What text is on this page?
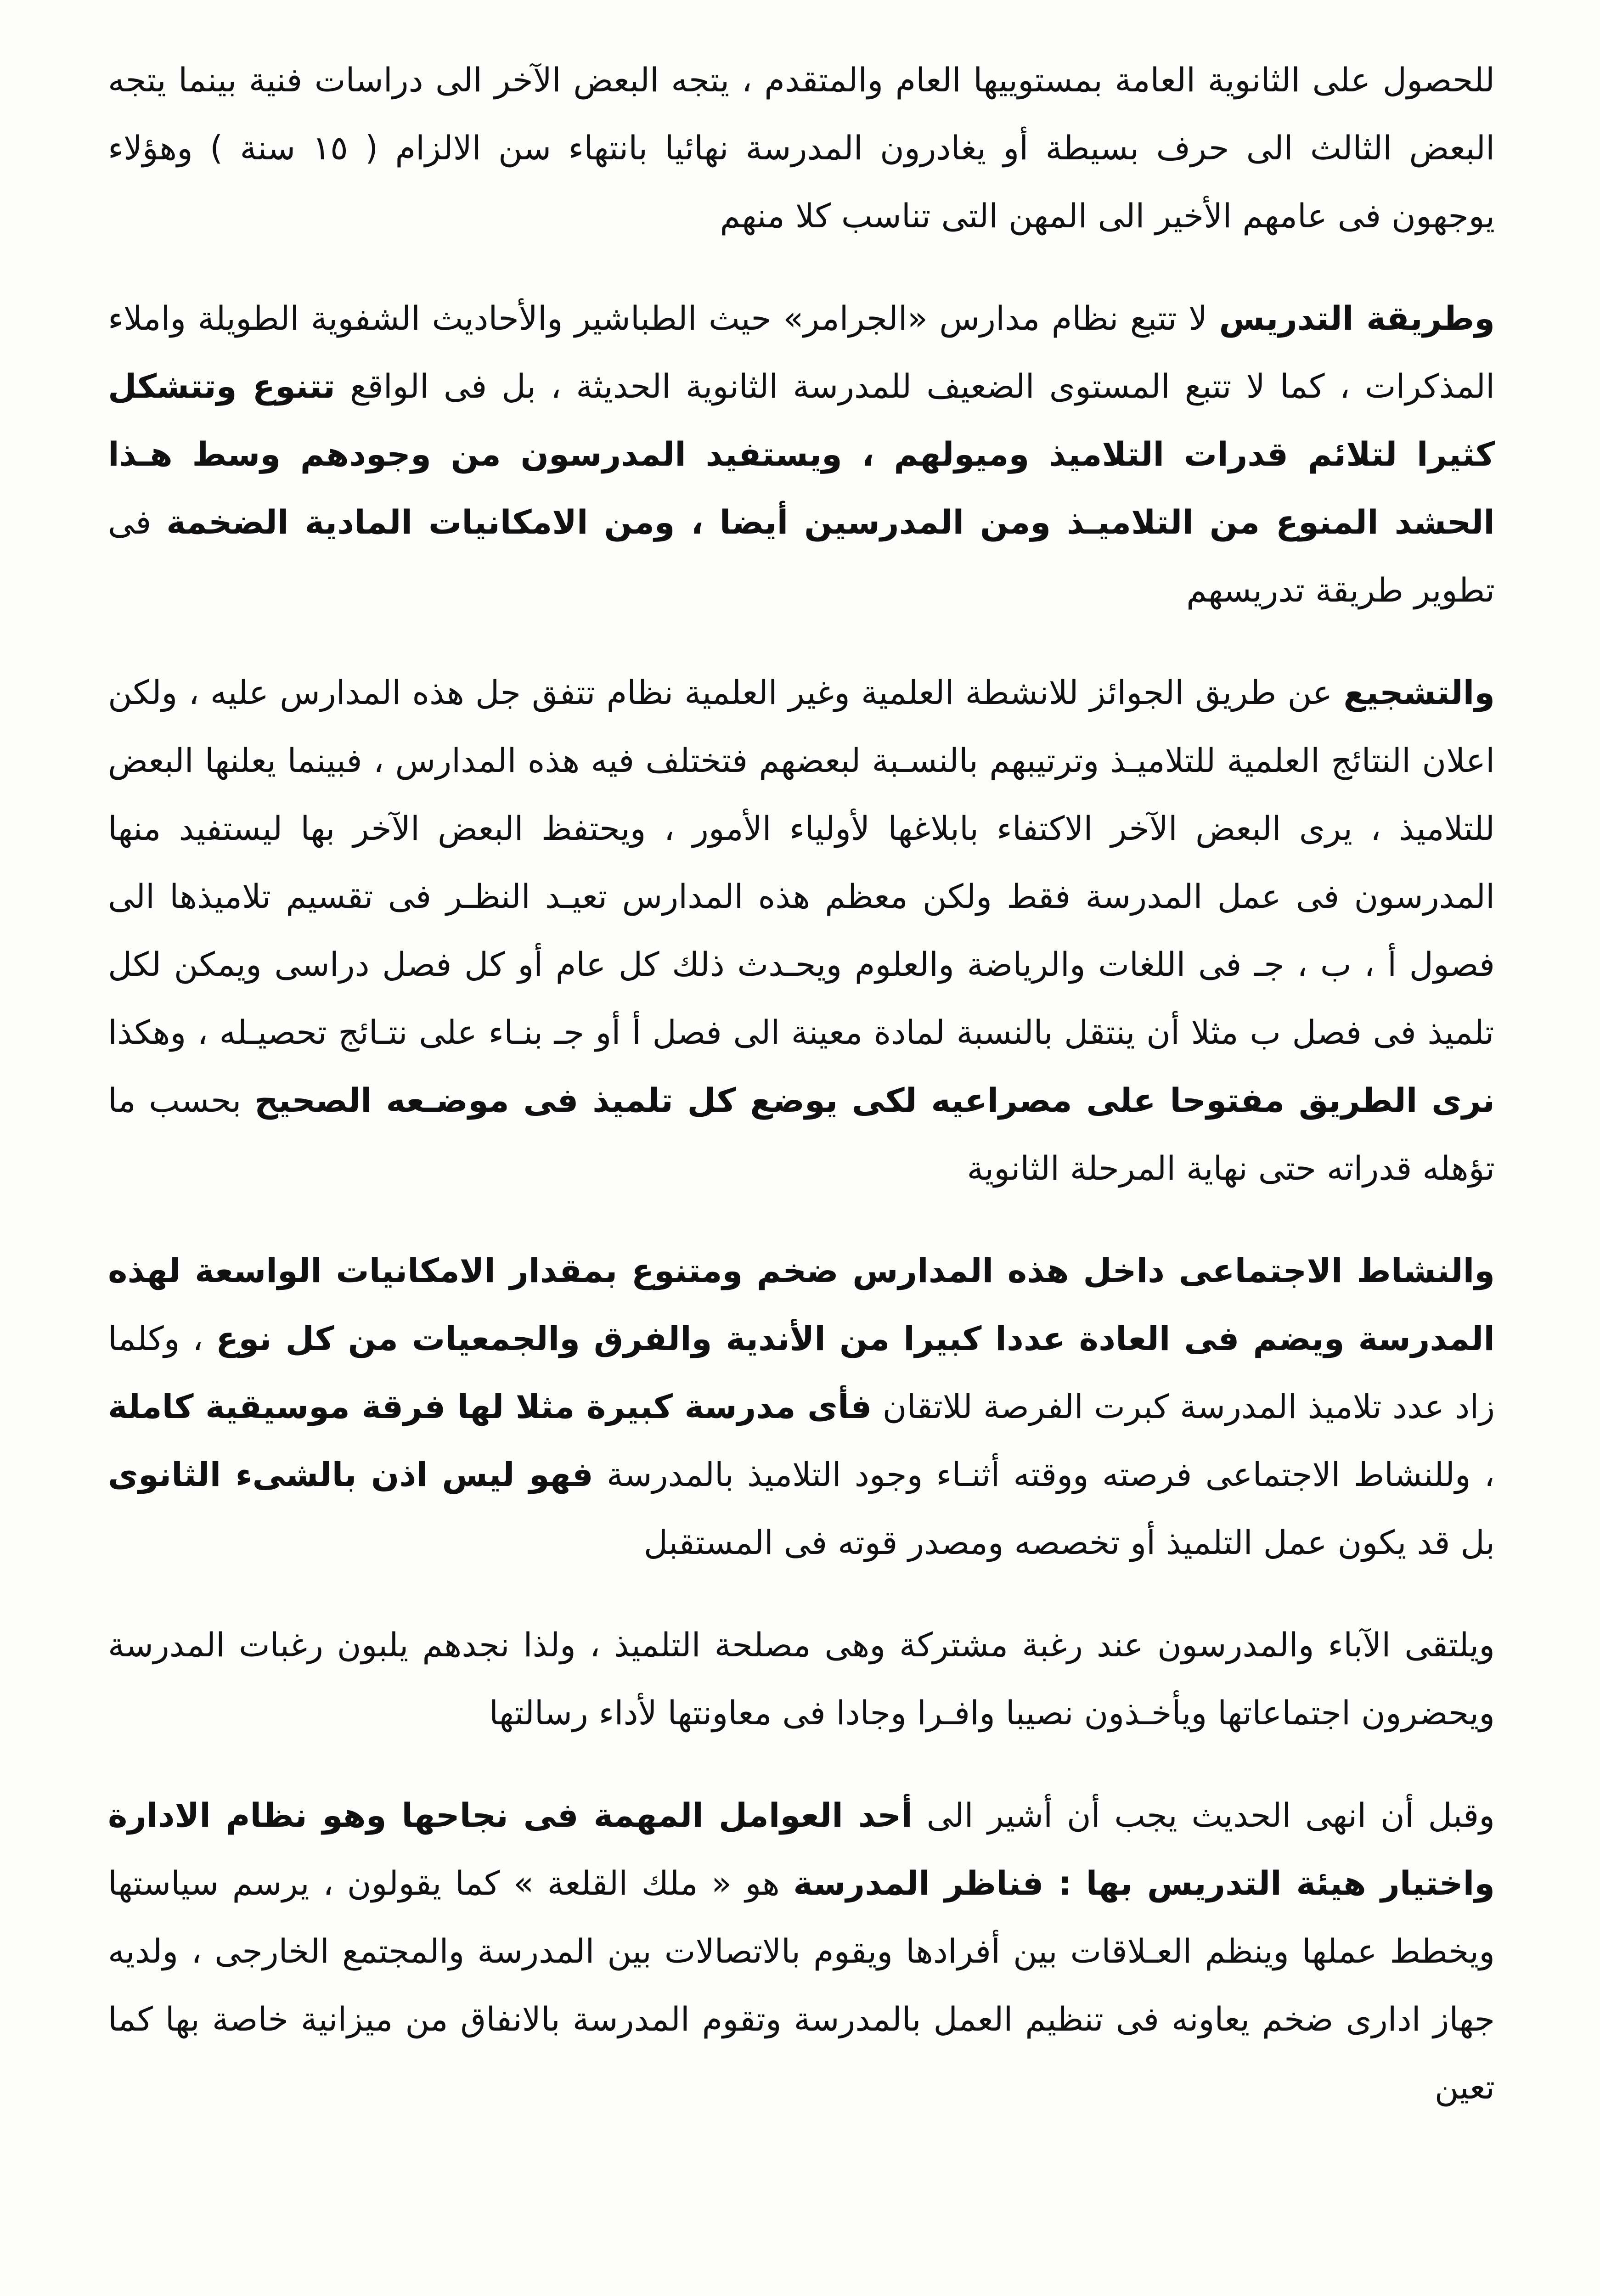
للحصول على الثانوية العامة بمستوييها العام والمتقدم ، يتجه البعض الآخر الى دراسات فنية بينما يتجه البعض الثالث الى حرف بسيطة أو يغادرون المدرسة نهائيا بانتهاء سن الالزام ( ١٥ سنة ) وهؤلاء يوجهون فى عامهم الأخير الى المهن التى تناسب كلا منهم

وطريقة التدريس لا تتبع نظام مدارس «الجرامر» حيث الطباشير والأحاديث الشفوية الطويلة واملاء المذكرات ، كما لا تتبع المستوى الضعيف للمدرسة الثانوية الحديثة ، بل فى الواقع تتنوع وتتشكل كثيرا لتلائم قدرات التلاميذ وميولهم ، ويستفيد المدرسون من وجودهم وسط هـذا الحشد المنوع من التلاميـذ ومن المدرسين أيضا ، ومن الامكانيات المادية الضخمة فى تطوير طريقة تدريسهم

والتشجيع عن طريق الجوائز للانشطة العلمية وغير العلمية نظام تتفق جل هذه المدارس عليه ، ولكن اعلان النتائج العلمية للتلاميـذ وترتيبهم بالنسـبة لبعضهم فتختلف فيه هذه المدارس ، فبينما يعلنها البعض للتلاميذ ، يرى البعض الآخر الاكتفاء بابلاغها لأولياء الأمور ، ويحتفظ البعض الآخر بها ليستفيد منها المدرسون فى عمل المدرسة فقط ولكن معظم هذه المدارس تعيـد النظـر فى تقسيم تلاميذها الى فصول أ ، ب ، جـ فى اللغات والرياضة والعلوم ويحـدث ذلك كل عام أو كل فصل دراسى ويمكن لكل تلميذ فى فصل ب مثلا أن ينتقل بالنسبة لمادة معينة الى فصل أ أو جـ بنـاء على نتـائج تحصيـله ، وهكذا نرى الطريق مفتوحا على مصراعيه لكى يوضع كل تلميذ فى موضـعه الصحيح بحسب ما تؤهله قدراته حتى نهاية المرحلة الثانوية

والنشاط الاجتماعى داخل هذه المدارس ضخم ومتنوع بمقدار الامكانيات الواسعة لهذه المدرسة ويضم فى العادة عددا كبيرا من الأندية والفرق والجمعيات من كل نوع ، وكلما زاد عدد تلاميذ المدرسة كبرت الفرصة للاتقان فأى مدرسة كبيرة مثلا لها فرقة موسيقية كاملة ، وللنشاط الاجتماعى فرصته ووقته أثنـاء وجود التلاميذ بالمدرسة فهو ليس اذن بالشىء الثانوى بل قد يكون عمل التلميذ أو تخصصه ومصدر قوته فى المستقبل

ويلتقى الآباء والمدرسون عند رغبة مشتركة وهى مصلحة التلميذ ، ولذا نجدهم يلبون رغبات المدرسة ويحضرون اجتماعاتها ويأخـذون نصيبا وافـرا وجادا فى معاونتها لأداء رسالتها

وقبل أن انهى الحديث يجب أن أشير الى أحد العوامل المهمة فى نجاحها وهو نظام الادارة واختيار هيئة التدريس بها : فناظر المدرسة هو « ملك القلعة » كما يقولون ، يرسم سياستها ويخطط عملها وينظم العـلاقات بين أفرادها ويقوم بالاتصالات بين المدرسة والمجتمع الخارجى ، ولديه جهاز ادارى ضخم يعاونه فى تنظيم العمل بالمدرسة وتقوم المدرسة بالانفاق من ميزانية خاصة بها كما تعين
